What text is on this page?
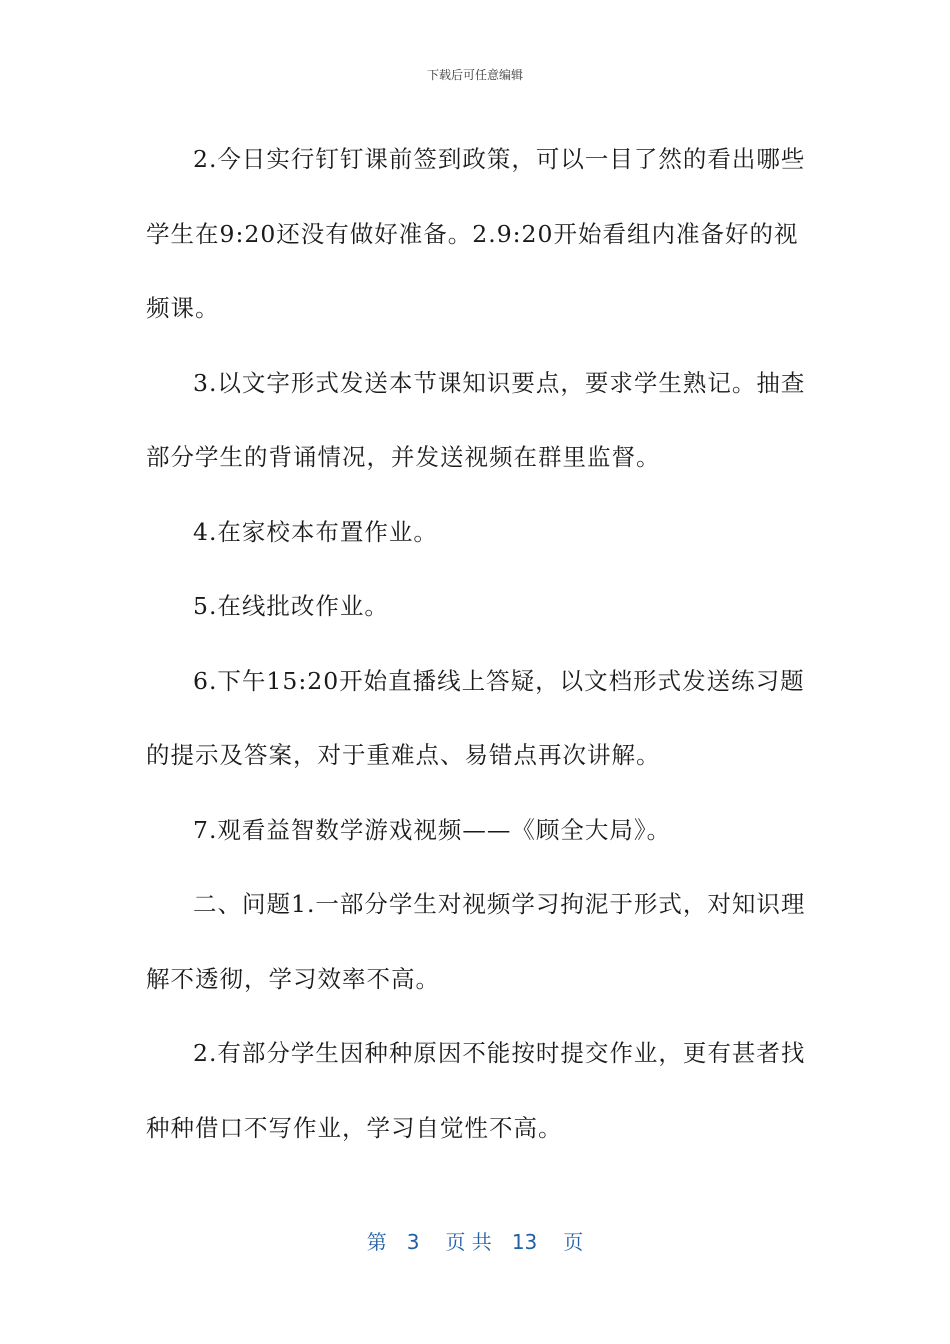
下载后可任意编辑

2.今日实行钉钉课前签到政策，可以一目了然的看出哪些学生在9:20还没有做好准备。2.9:20开始看组内准备好的视频课。

3.以文字形式发送本节课知识要点，要求学生熟记。抽查部分学生的背诵情况，并发送视频在群里监督。

4.在家校本布置作业。

5.在线批改作业。

6.下午15:20开始直播线上答疑，以文档形式发送练习题的提示及答案，对于重难点、易错点再次讲解。

7.观看益智数学游戏视频——《顾全大局》。

二、问题1.一部分学生对视频学习拘泥于形式，对知识理解不透彻，学习效率不高。

2.有部分学生因种种原因不能按时提交作业，更有甚者找种种借口不写作业，学习自觉性不高。

第 3 页 共 13 页
